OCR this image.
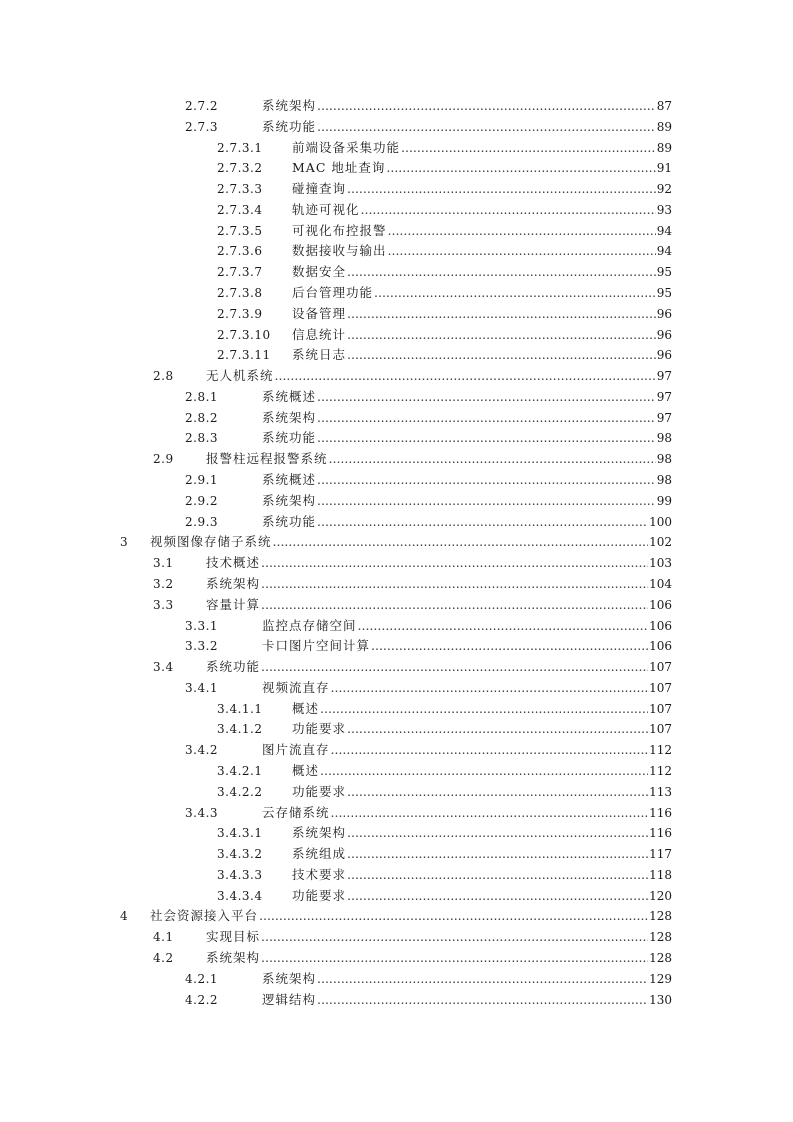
2.7.2	系统架构 .....	87
2.7.3	系统功能 .....	89
2.7.3.1 前端设备采集功能 .....	89
2.7.3.2 MAC 地址查询 .....	91
2.7.3.3 碰撞查询 .....	92
2.7.3.4 轨迹可视化 .....	93
2.7.3.5 可视化布控报警 .....	94
2.7.3.6 数据接收与输出 .....	94
2.7.3.7 数据安全 .....	95
2.7.3.8 后台管理功能 .....	95
2.7.3.9 设备管理 .....	96
2.7.3.10 信息统计 .....	96
2.7.3.11 系统日志 .....	96
2.8	无人机系统 .....	97
2.8.1	系统概述 .....	97
2.8.2	系统架构 .....	97
2.8.3	系统功能 .....	98
2.9	报警柱远程报警系统 .....	98
2.9.1	系统概述 .....	98
2.9.2	系统架构 .....	99
2.9.3	系统功能 .....	100
3 视频图像存储子系统 .....	102
3.1	技术概述 .....	103
3.2	系统架构 .....	104
3.3	容量计算 .....	106
3.3.1	监控点存储空间 .....	106
3.3.2	卡口图片空间计算 .....	106
3.4	系统功能 .....	107
3.4.1	视频流直存 .....	107
3.4.1.1 概述 .....	107
3.4.1.2 功能要求 .....	107
3.4.2	图片流直存 .....	112
3.4.2.1 概述 .....	112
3.4.2.2 功能要求 .....	113
3.4.3	云存储系统 .....	116
3.4.3.1 系统架构 .....	116
3.4.3.2 系统组成 .....	117
3.4.3.3 技术要求 .....	118
3.4.3.4 功能要求 .....	120
4 社会资源接入平台 .....	128
4.1	实现目标 .....	128
4.2	系统架构 .....	128
4.2.1	系统架构 .....	129
4.2.2	逻辑结构 .....	130
